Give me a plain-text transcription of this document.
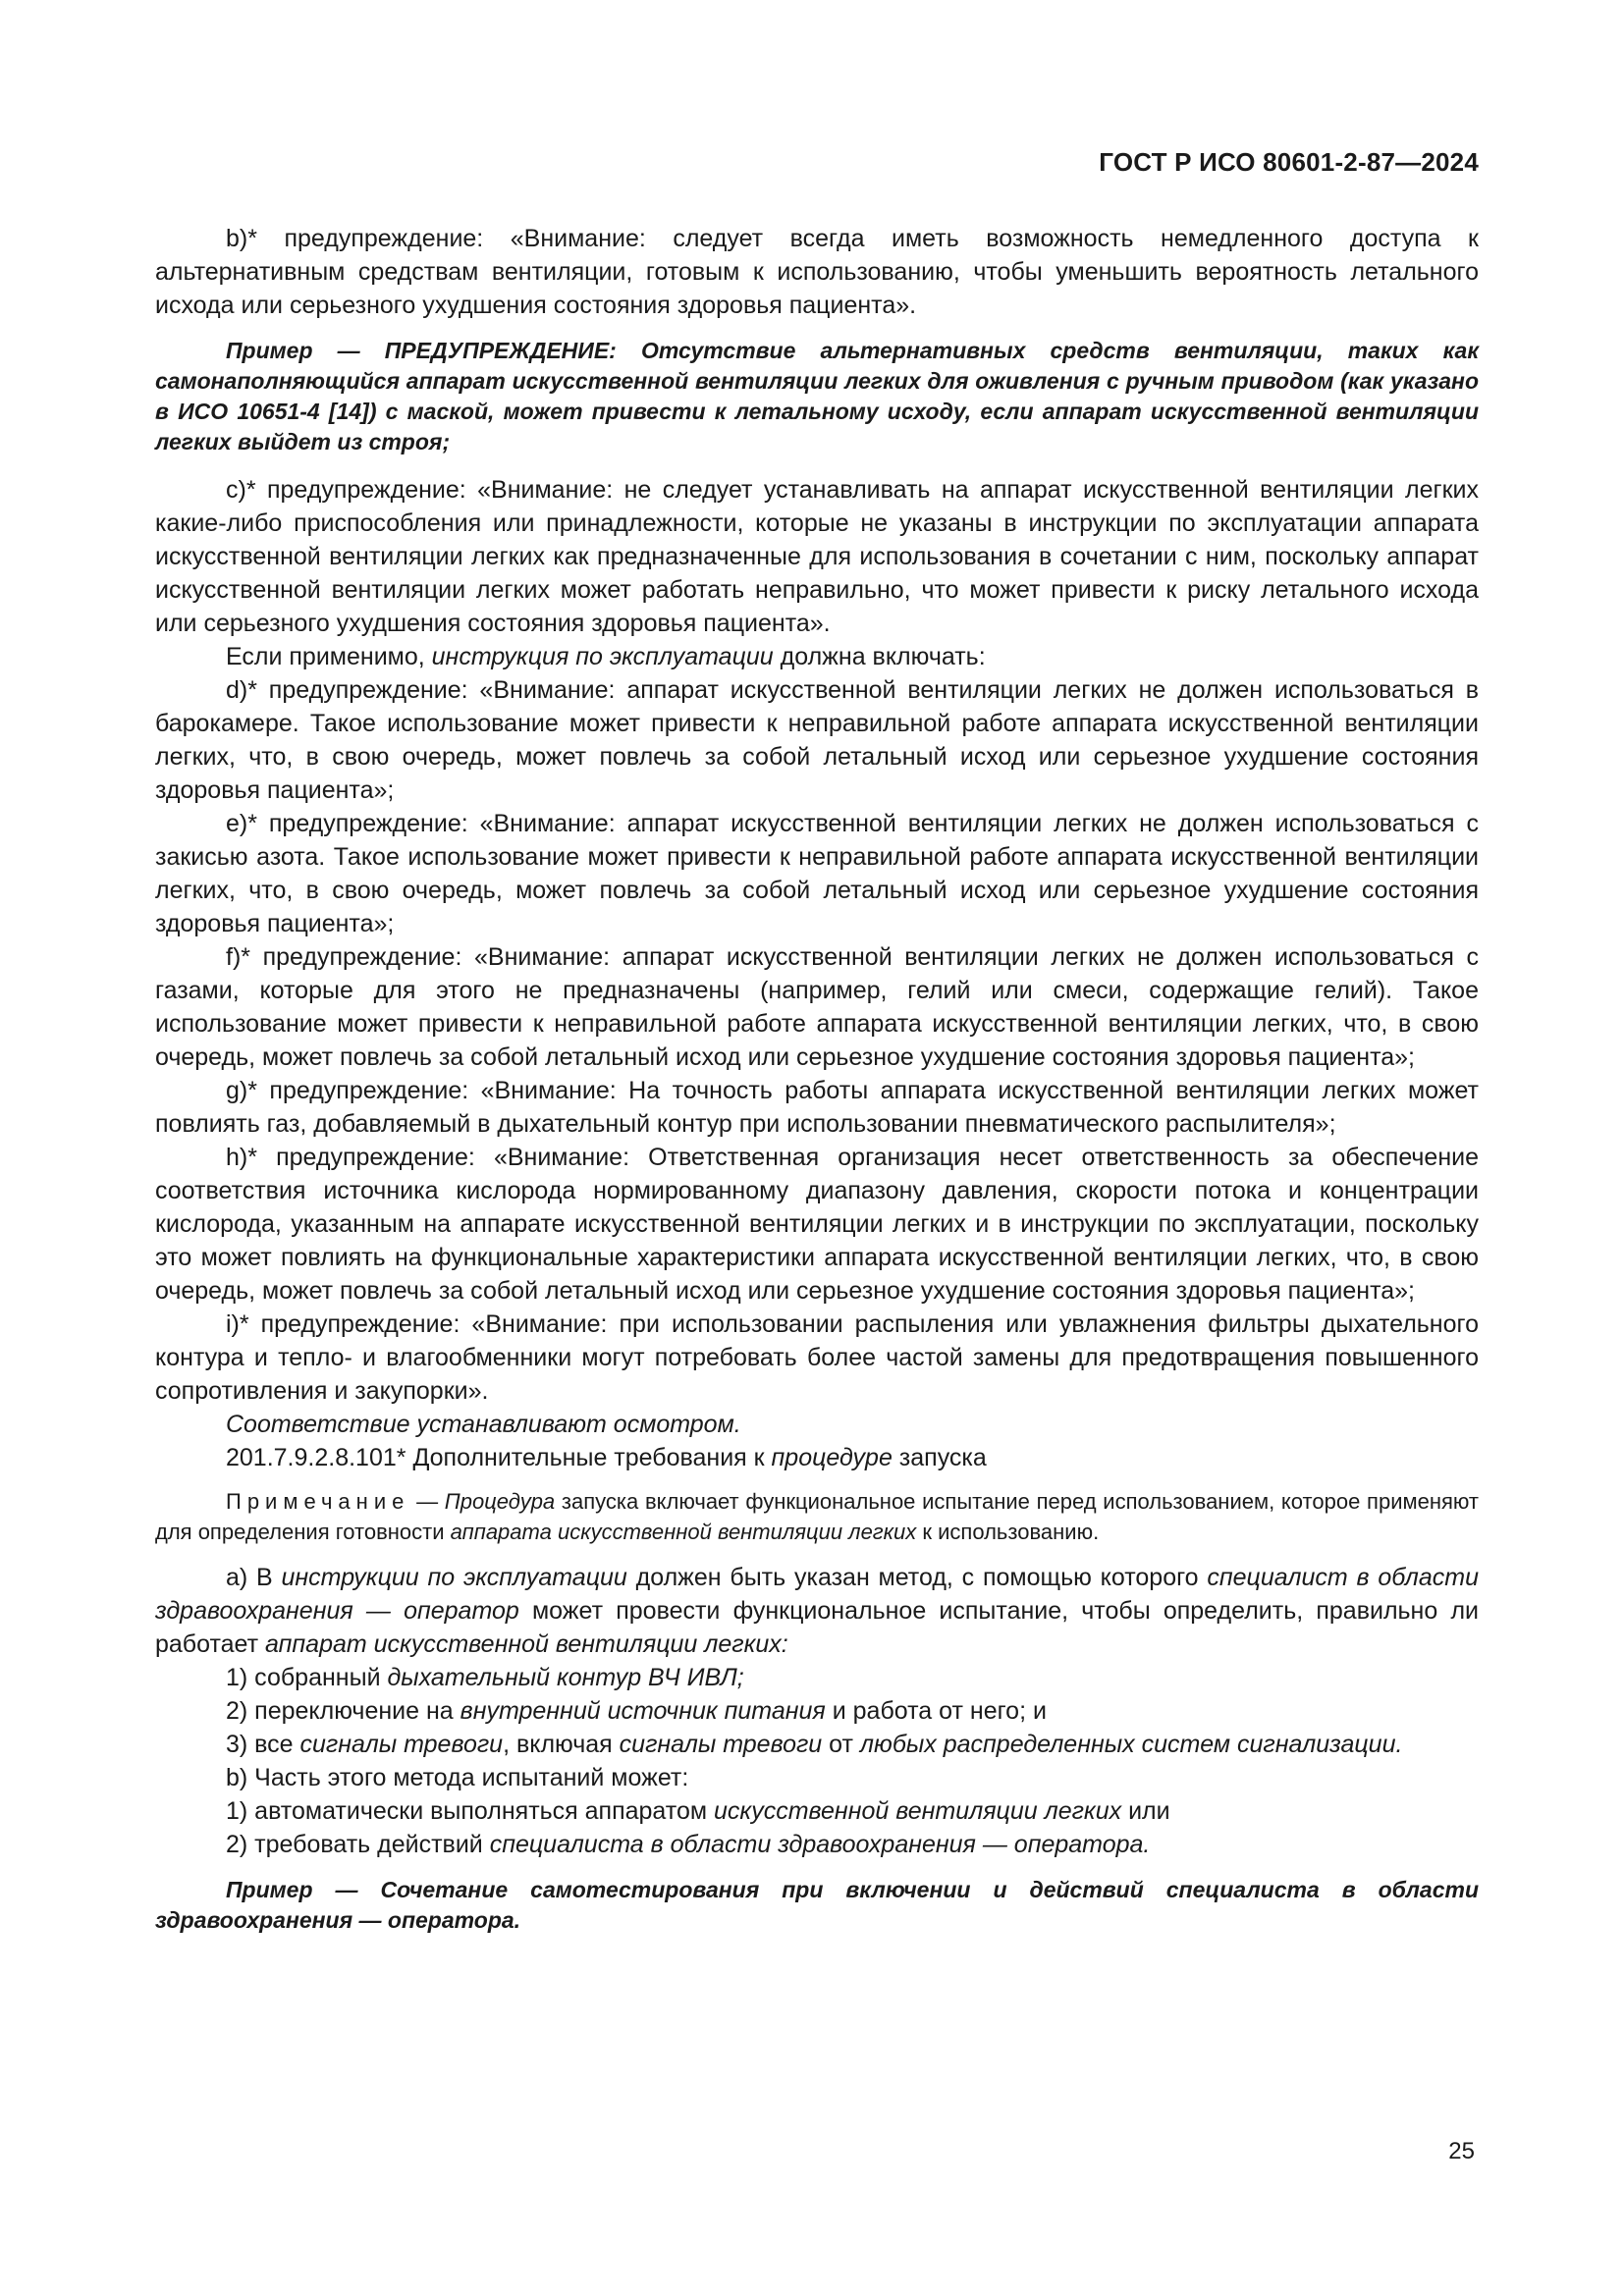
ГОСТ Р ИСО 80601-2-87—2024

b)* предупреждение: «Внимание: следует всегда иметь возможность немедленного доступа к альтернативным средствам вентиляции, готовым к использованию, чтобы уменьшить вероятность летального исхода или серьезного ухудшения состояния здоровья пациента».

Пример — ПРЕДУПРЕЖДЕНИЕ: Отсутствие альтернативных средств вентиляции, таких как самонаполняющийся аппарат искусственной вентиляции легких для оживления с ручным приводом (как указано в ИСО 10651-4 [14]) с маской, может привести к летальному исходу, если аппарат искусственной вентиляции легких выйдет из строя;

c)* предупреждение: «Внимание: не следует устанавливать на аппарат искусственной вентиляции легких какие-либо приспособления или принадлежности, которые не указаны в инструкции по эксплуатации аппарата искусственной вентиляции легких как предназначенные для использования в сочетании с ним, поскольку аппарат искусственной вентиляции легких может работать неправильно, что может привести к риску летального исхода или серьезного ухудшения состояния здоровья пациента».

Если применимо, инструкция по эксплуатации должна включать:

d)* предупреждение: «Внимание: аппарат искусственной вентиляции легких не должен использоваться в барокамере. Такое использование может привести к неправильной работе аппарата искусственной вентиляции легких, что, в свою очередь, может повлечь за собой летальный исход или серьезное ухудшение состояния здоровья пациента»;

e)* предупреждение: «Внимание: аппарат искусственной вентиляции легких не должен использоваться с закисью азота. Такое использование может привести к неправильной работе аппарата искусственной вентиляции легких, что, в свою очередь, может повлечь за собой летальный исход или серьезное ухудшение состояния здоровья пациента»;

f)* предупреждение: «Внимание: аппарат искусственной вентиляции легких не должен использоваться с газами, которые для этого не предназначены (например, гелий или смеси, содержащие гелий). Такое использование может привести к неправильной работе аппарата искусственной вентиляции легких, что, в свою очередь, может повлечь за собой летальный исход или серьезное ухудшение состояния здоровья пациента»;

g)* предупреждение: «Внимание: На точность работы аппарата искусственной вентиляции легких может повлиять газ, добавляемый в дыхательный контур при использовании пневматического распылителя»;

h)* предупреждение: «Внимание: Ответственная организация несет ответственность за обеспечение соответствия источника кислорода нормированному диапазону давления, скорости потока и концентрации кислорода, указанным на аппарате искусственной вентиляции легких и в инструкции по эксплуатации, поскольку это может повлиять на функциональные характеристики аппарата искусственной вентиляции легких, что, в свою очередь, может повлечь за собой летальный исход или серьезное ухудшение состояния здоровья пациента»;

i)* предупреждение: «Внимание: при использовании распыления или увлажнения фильтры дыхательного контура и тепло- и влагообменники могут потребовать более частой замены для предотвращения повышенного сопротивления и закупорки».

Соответствие устанавливают осмотром.

201.7.9.2.8.101* Дополнительные требования к процедуре запуска

Примечание — Процедура запуска включает функциональное испытание перед использованием, которое применяют для определения готовности аппарата искусственной вентиляции легких к использованию.

а) В инструкции по эксплуатации должен быть указан метод, с помощью которого специалист в области здравоохранения — оператор может провести функциональное испытание, чтобы определить, правильно ли работает аппарат искусственной вентиляции легких:

1) собранный дыхательный контур ВЧ ИВЛ;

2) переключение на внутренний источник питания и работа от него; и

3) все сигналы тревоги, включая сигналы тревоги от любых распределенных систем сигнализации.

b) Часть этого метода испытаний может:

1) автоматически выполняться аппаратом искусственной вентиляции легких или

2) требовать действий специалиста в области здравоохранения — оператора.

Пример — Сочетание самотестирования при включении и действий специалиста в области здравоохранения — оператора.

25
